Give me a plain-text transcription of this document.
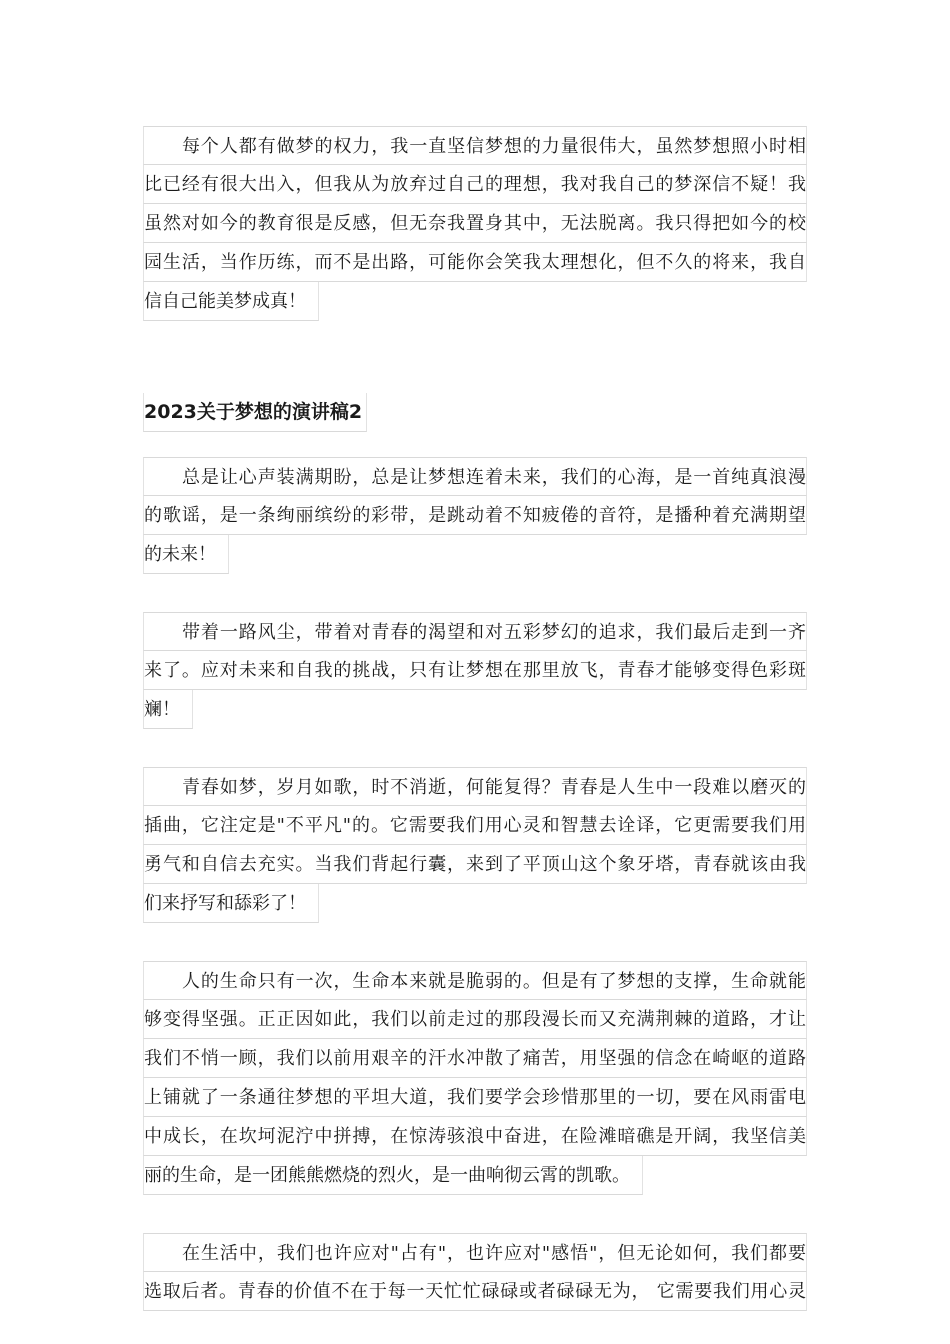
每个人都有做梦的权力，我一直坚信梦想的力量很伟大，虽然梦想照小时相
比已经有很大出入，但我从为放弃过自己的理想，我对我自己的梦深信不疑！我
虽然对如今的教育很是反感，但无奈我置身其中，无法脱离。我只得把如今的校
园生活，当作历练，而不是出路，可能你会笑我太理想化，但不久的将来，我自
信自己能美梦成真！

2023关于梦想的演讲稿2

总是让心声装满期盼，总是让梦想连着未来，我们的心海，是一首纯真浪漫
的歌谣，是一条绚丽缤纷的彩带，是跳动着不知疲倦的音符，是播种着充满期望
的未来！

带着一路风尘，带着对青春的渴望和对五彩梦幻的追求，我们最后走到一齐
来了。应对未来和自我的挑战，只有让梦想在那里放飞，青春才能够变得色彩斑
斓！

青春如梦，岁月如歌，时不消逝，何能复得？青春是人生中一段难以磨灭的
插曲，它注定是"不平凡"的。它需要我们用心灵和智慧去诠译，它更需要我们用
勇气和自信去充实。当我们背起行囊，来到了平顶山这个象牙塔，青春就该由我
们来抒写和舔彩了！

人的生命只有一次，生命本来就是脆弱的。但是有了梦想的支撑，生命就能
够变得坚强。正正因如此，我们以前走过的那段漫长而又充满荆棘的道路，才让
我们不悄一顾，我们以前用艰辛的汗水冲散了痛苦，用坚强的信念在崎岖的道路
上铺就了一条通往梦想的平坦大道，我们要学会珍惜那里的一切，要在风雨雷电
中成长，在坎坷泥泞中拼搏，在惊涛骇浪中奋进，在险滩暗礁是开阔，我坚信美
丽的生命，是一团熊熊燃烧的烈火，是一曲响彻云霄的凯歌。

在生活中，我们也许应对"占有"，也许应对"感悟"，但无论如何，我们都要
选取后者。青春的价值不在于每一天忙忙碌碌或者碌碌无为， 它需要我们用心灵
